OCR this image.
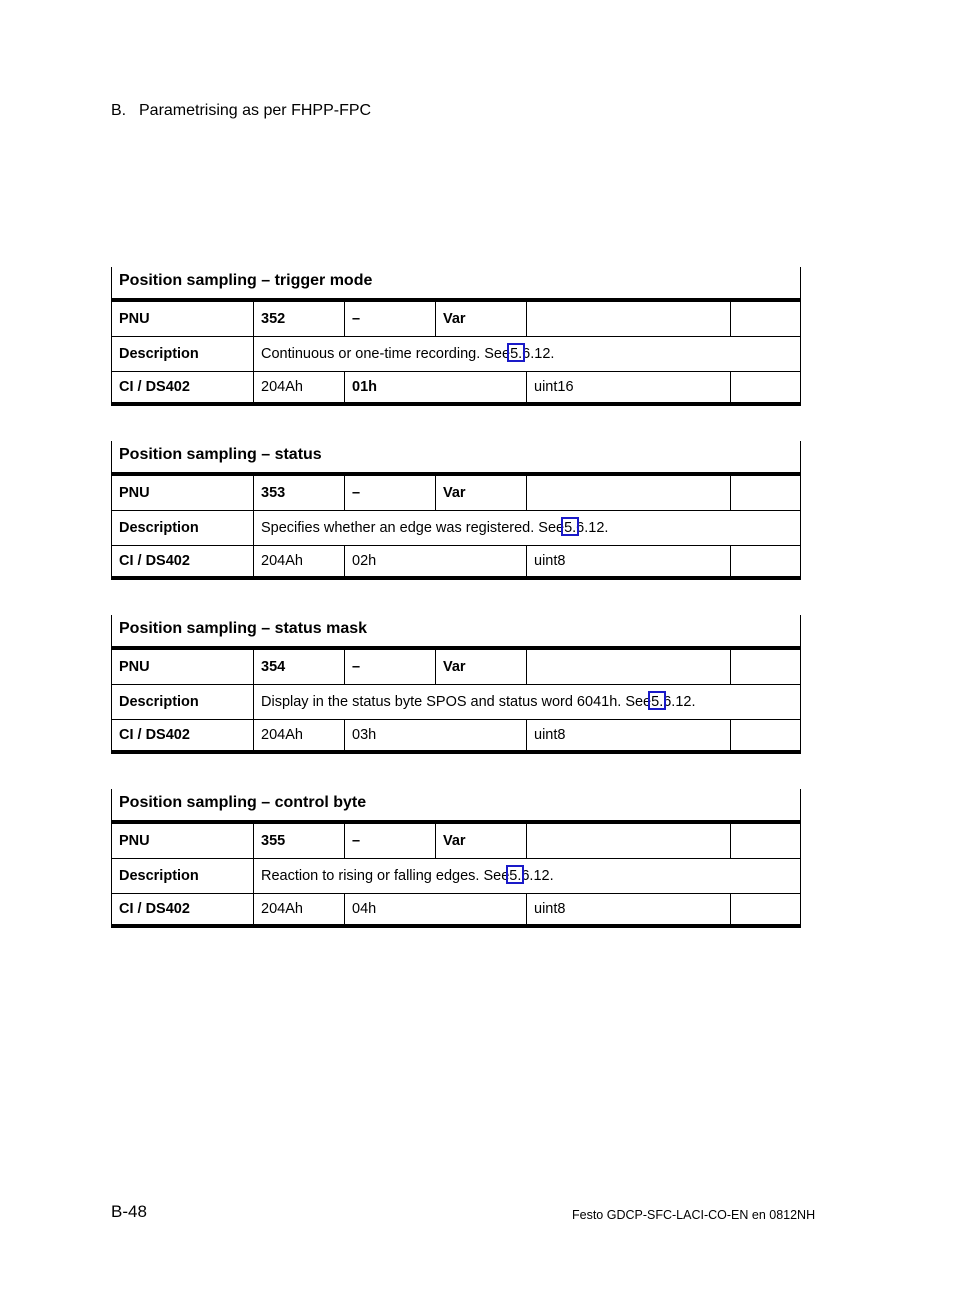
B. Parametrising as per FHPP-FPC
Position sampling – trigger mode
PNU	352	–	Var
Description	Continuous or one-time recording. See 5 .6.12.
CI / DS402	204Ah	01h	uint16
Position sampling – status
PNU	353	–	Var
Description	Specifies whether an edge was registered. See 5 .6.12.
CI / DS402	204Ah	02h	uint8
Position sampling – status mask
PNU	354	–	Var
Description	Display in the status byte SPOS and status word 6041h. See 5 .6.12.
CI / DS402	204Ah	03h	uint8
Position sampling – control byte
PNU	355	–	Var
Description	Reaction to rising or falling edges. See 5 .6.12.
CI / DS402	204Ah	04h	uint8
B-48	Festo GDCP-SFC-LACI-CO-EN en 0812NH
